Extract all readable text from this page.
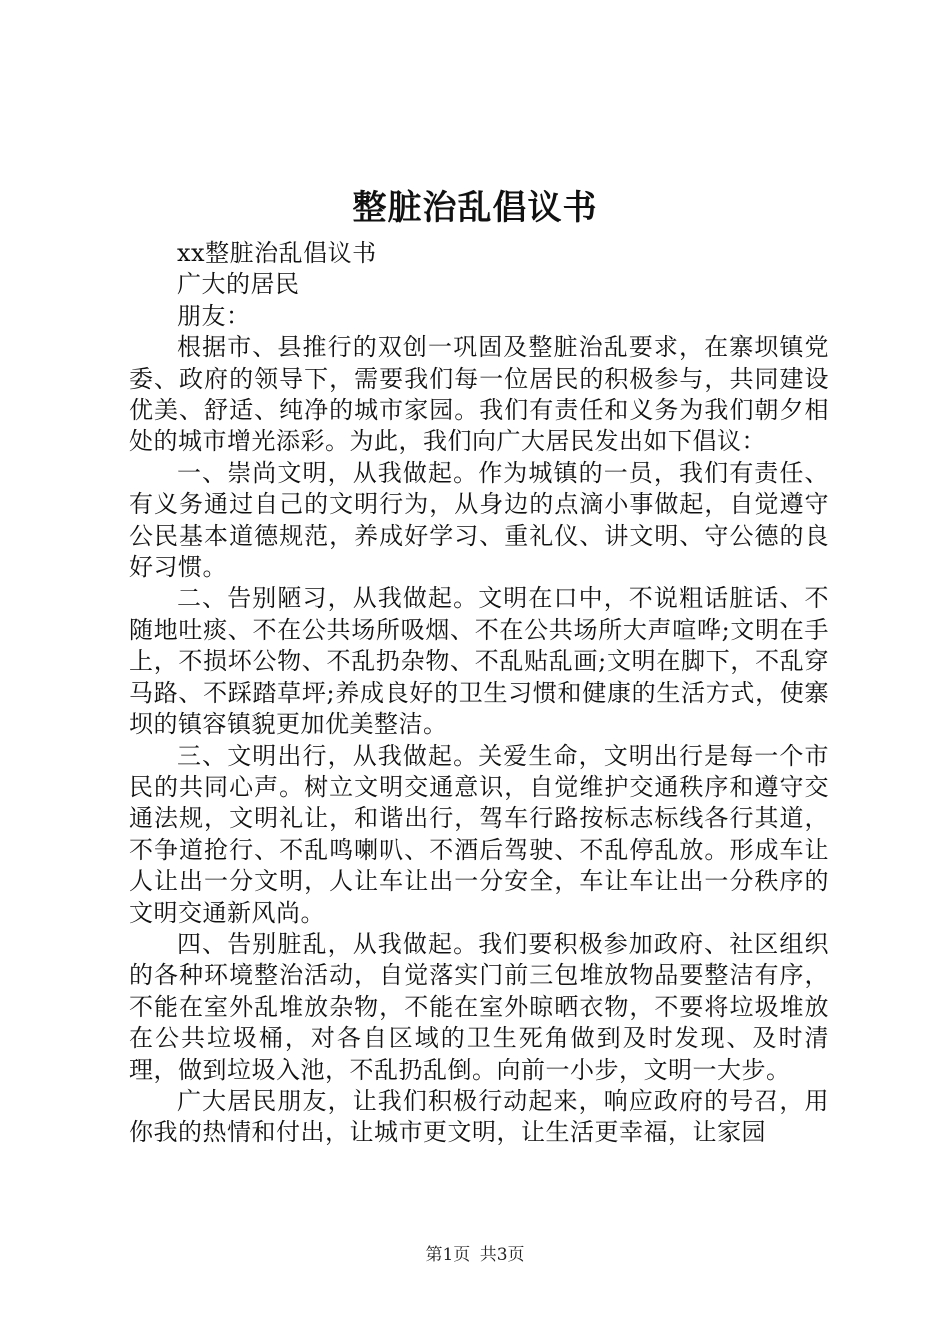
整脏治乱倡议书

xx整脏治乱倡议书

广大的居民

朋友：

根据市、县推行的双创一巩固及整脏治乱要求，在寨坝镇党委、政府的领导下，需要我们每一位居民的积极参与，共同建设优美、舒适、纯净的城市家园。我们有责任和义务为我们朝夕相处的城市增光添彩。为此，我们向广大居民发出如下倡议：

一、崇尚文明，从我做起。作为城镇的一员，我们有责任、有义务通过自己的文明行为，从身边的点滴小事做起，自觉遵守公民基本道德规范，养成好学习、重礼仪、讲文明、守公德的良好习惯。

二、告别陋习，从我做起。文明在口中，不说粗话脏话、不随地吐痰、不在公共场所吸烟、不在公共场所大声喧哗;文明在手上，不损坏公物、不乱扔杂物、不乱贴乱画;文明在脚下，不乱穿马路、不踩踏草坪;养成良好的卫生习惯和健康的生活方式，使寨坝的镇容镇貌更加优美整洁。

三、文明出行，从我做起。关爱生命，文明出行是每一个市民的共同心声。树立文明交通意识，自觉维护交通秩序和遵守交通法规，文明礼让，和谐出行，驾车行路按标志标线各行其道，不争道抢行、不乱鸣喇叭、不酒后驾驶、不乱停乱放。形成车让人让出一分文明，人让车让出一分安全，车让车让出一分秩序的文明交通新风尚。

四、告别脏乱，从我做起。我们要积极参加政府、社区组织的各种环境整治活动，自觉落实门前三包堆放物品要整洁有序，不能在室外乱堆放杂物，不能在室外晾晒衣物，不要将垃圾堆放在公共垃圾桶，对各自区域的卫生死角做到及时发现、及时清理，做到垃圾入池，不乱扔乱倒。向前一小步，文明一大步。

广大居民朋友，让我们积极行动起来，响应政府的号召，用你我的热情和付出，让城市更文明，让生活更幸福，让家园

第1页 共3页
